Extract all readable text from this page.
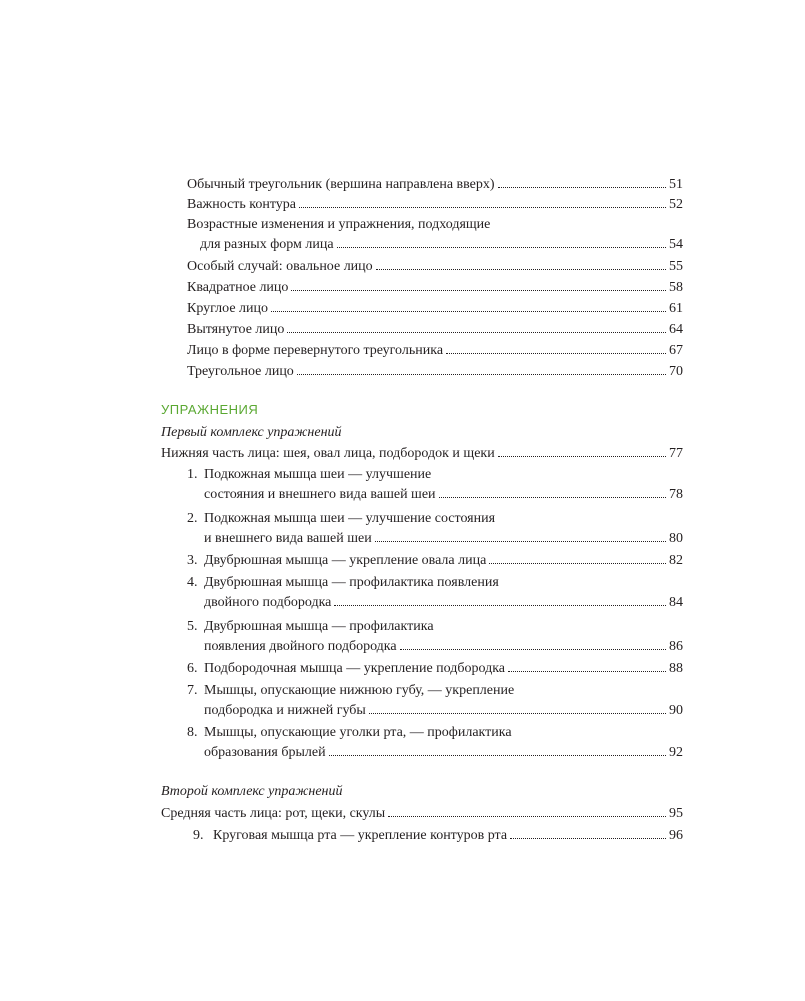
Обычный треугольник (вершина направлена вверх)	51
Важность контура	52
Возрастные изменения и упражнения, подходящие
для разных форм лица	54
Особый случай: овальное лицо	55
Квадратное лицо	58
Круглое лицо	61
Вытянутое лицо	64
Лицо в форме перевернутого треугольника	67
Треугольное лицо	70
УПРАЖНЕНИЯ
Первый комплекс упражнений
Нижняя часть лица: шея, овал лица, подбородок и щеки	77
1. Подкожная мышца шеи — улучшение
состояния и внешнего вида вашей шеи	78
2. Подкожная мышца шеи — улучшение состояния
и внешнего вида вашей шеи	80
3. Двубрюшная мышца — укрепление овала лица	82
4. Двубрюшная мышца — профилактика появления
двойного подбородка	84
5. Двубрюшная мышца — профилактика
появления двойного подбородка	86
6. Подбородочная мышца — укрепление подбородка	88
7. Мышцы, опускающие нижнюю губу, — укрепление
подбородка и нижней губы	90
8. Мышцы, опускающие уголки рта, — профилактика
образования брылей	92
Второй комплекс упражнений
Средняя часть лица: рот, щеки, скулы	95
9. Круговая мышца рта — укрепление контуров рта	96
